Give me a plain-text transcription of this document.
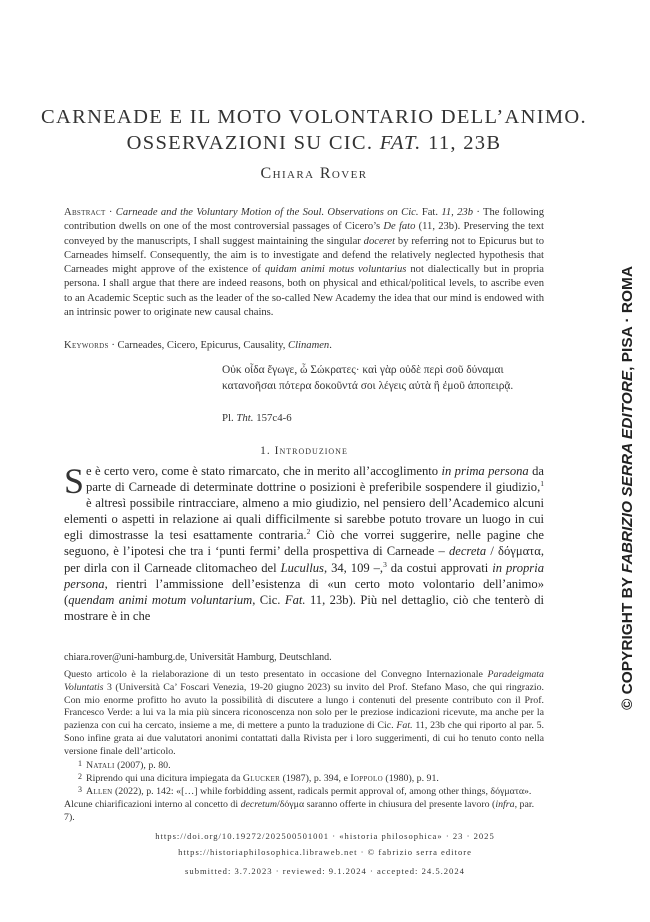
CARNEADE E IL MOTO VOLONTARIO DELL’ANIMO.
OSSERVAZIONI SU CIC. FAT. 11, 23B
Chiara Rover
Abstract · Carneade and the Voluntary Motion of the Soul. Observations on Cic. Fat. 11, 23b · The following contribution dwells on one of the most controversial passages of Cicero’s De fato (11, 23b). Preserving the text conveyed by the manuscripts, I shall suggest maintaining the singular doceret by referring not to Epicurus but to Carneades himself. Consequently, the aim is to investigate and defend the relatively neglected hypothesis that Carneades might approve of the existence of quidam animi motus voluntarius not dialectically but in propria persona. I shall argue that there are indeed reasons, both on physical and ethical/political levels, to ascribe even to an Academic Sceptic such as the leader of the so-called New Academy the idea that our mind is endowed with an intrinsic power to originate new causal chains.
Keywords · Carneades, Cicero, Epicurus, Causality, Clinamen.
Οὐκ οἶδα ἔγωγε, ὦ Σώκρατες· καὶ γὰρ οὐδὲ περὶ σοῦ δύναμαι κατανοῆσαι πότερα δοκοῦντά σοι λέγεις αὐτὰ ἢ ἐμοῦ ἀποπειρᾷ.
Pl. Tht. 157c4-6
1. Introduzione
Se è certo vero, come è stato rimarcato, che in merito all’accoglimento in prima persona da parte di Carneade di determinate dottrine o posizioni è preferibile sospendere il giudizio,$^1$ è altresì possibile rintracciare, almeno a mio giudizio, nel pensiero dell’Academico alcuni elementi o aspetti in relazione ai quali difficilmente si sarebbe potuto trovare un luogo in cui egli dimostrasse la tesi esattamente contraria.$^2$ Ciò che vorrei suggerire, nelle pagine che seguono, è l’ipotesi che tra i ‘punti fermi’ della prospettiva di Carneade – decreta / δόγματα, per dirla con il Carneade clitomacheo del Lucullus, 34, 109 –,$^3$ da costui approvati in propria persona, rientri l’ammissione dell’esistenza di «un certo moto volontario dell’animo» (quendam animi motum voluntarium, Cic. Fat. 11, 23b). Più nel dettaglio, ciò che tenterò di mostrare è in che
chiara.rover@uni-hamburg.de, Universität Hamburg, Deutschland.
Questo articolo è la rielaborazione di un testo presentato in occasione del Convegno Internazionale Paradeigmata Voluntatis 3 (Università Ca’ Foscari Venezia, 19-20 giugno 2023) su invito del Prof. Stefano Maso, che qui ringrazio. Con mio enorme profitto ho avuto la possibilità di discutere a lungo i contenuti del presente contributo con il Prof. Francesco Verde: a lui va la mia più sincera riconoscenza non solo per le preziose indicazioni ricevute, ma anche per la pazienza con cui ha cercato, insieme a me, di mettere a punto la traduzione di Cic. Fat. 11, 23b che qui riporto al par. 5. Sono infine grata ai due valutatori anonimi contattati dalla Rivista per i loro suggerimenti, di cui ho tenuto conto nella versione finale dell’articolo.
1 Natali (2007), p. 80.
2 Riprendo qui una dicitura impiegata da Glucker (1987), p. 394, e Ioppolo (1980), p. 91.
3 Allen (2022), p. 142: «[…] while forbidding assent, radicals permit approval of, among other things, δόγματα». Alcune chiarificazioni interno al concetto di decretum/δόγμα saranno offerte in chiusura del presente lavoro (infra, par. 7).
https://doi.org/10.19272/202500501001 · «historia philosophica» · 23 · 2025
https://historiaphilosophica.libraweb.net · © fabrizio serra editore
submitted: 3.7.2023 · reviewed: 9.1.2024 · accepted: 24.5.2024
© COPYRIGHT BY FABRIZIO SERRA EDITORE, PISA · ROMA
